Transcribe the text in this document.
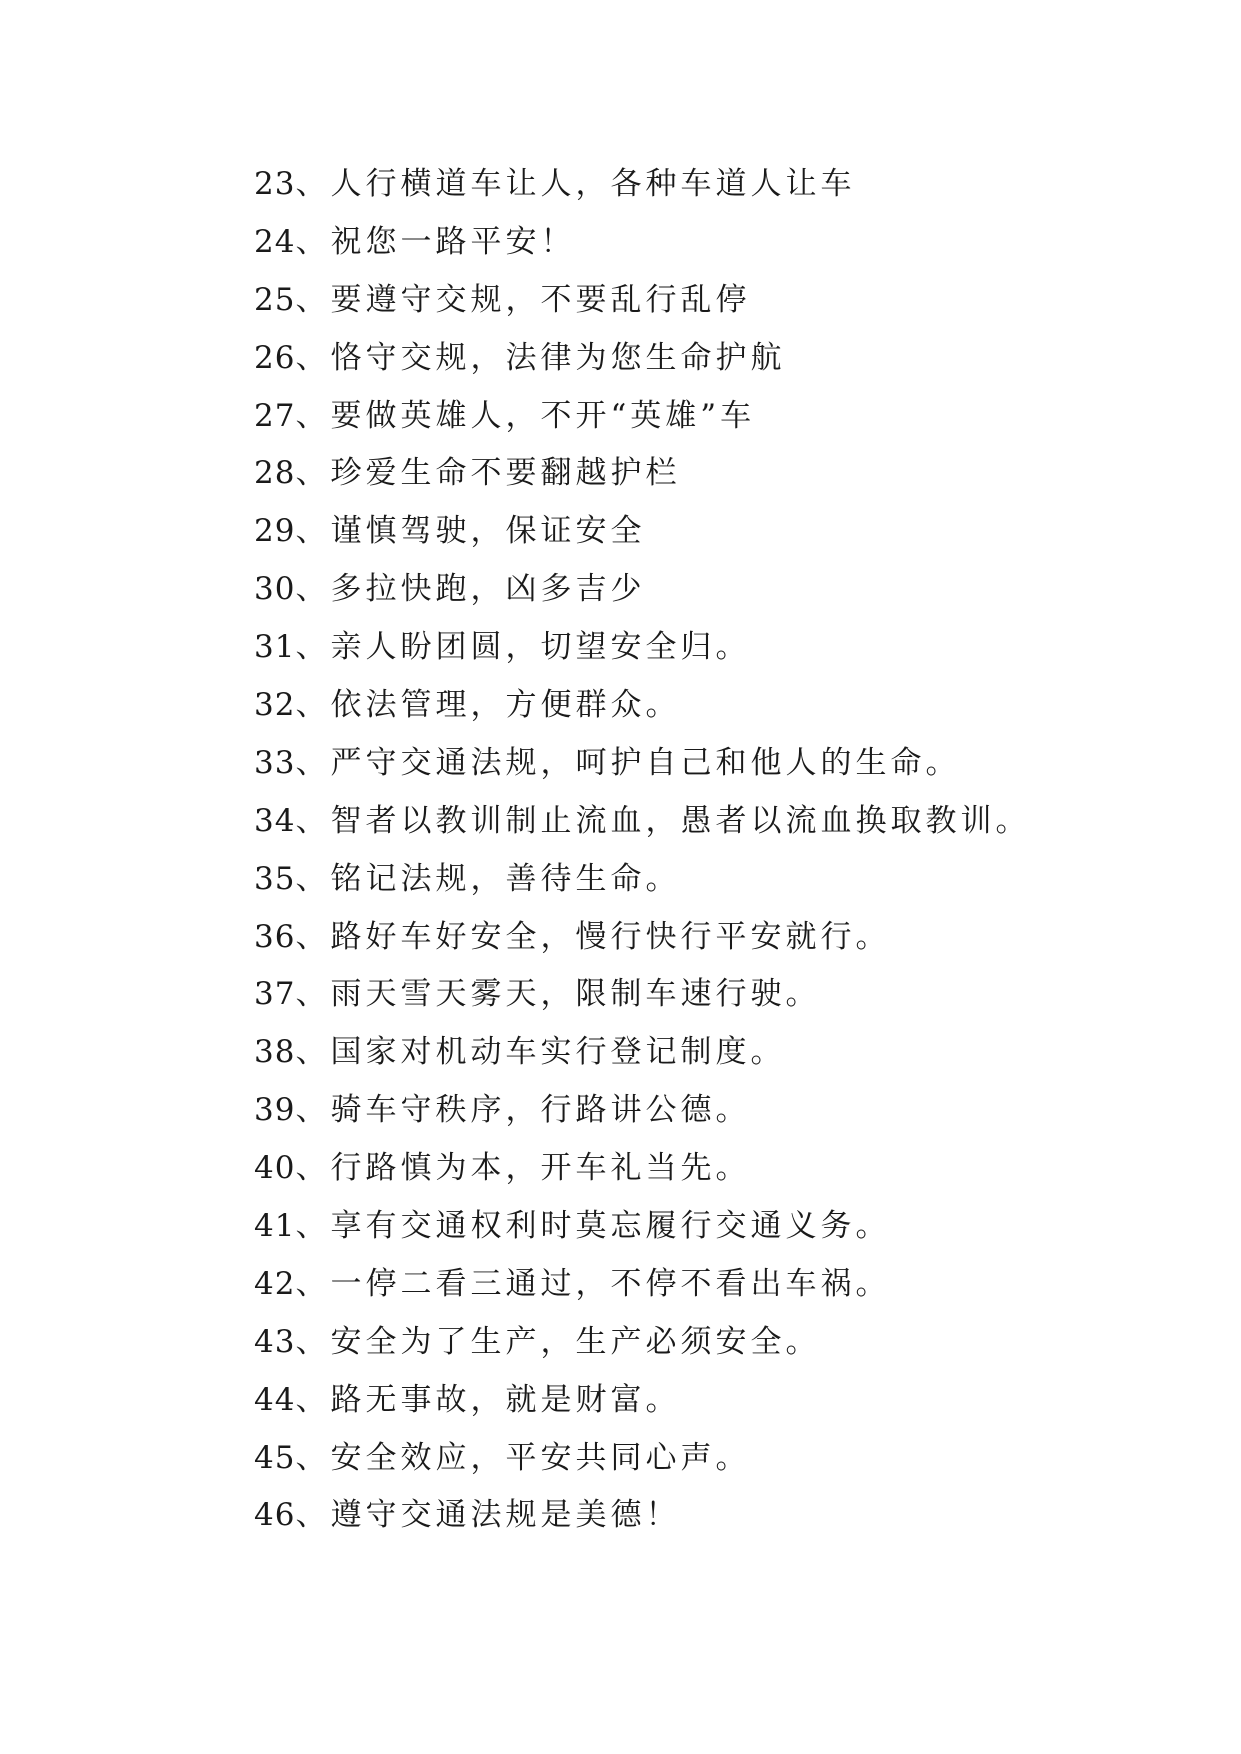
23、人行横道车让人，各种车道人让车
24、祝您一路平安！
25、要遵守交规，不要乱行乱停
26、恪守交规，法律为您生命护航
27、要做英雄人，不开“英雄”车
28、珍爱生命不要翻越护栏
29、谨慎驾驶，保证安全
30、多拉快跑，凶多吉少
31、亲人盼团圆，切望安全归。
32、依法管理，方便群众。
33、严守交通法规，呵护自己和他人的生命。
34、智者以教训制止流血，愚者以流血换取教训。
35、铭记法规，善待生命。
36、路好车好安全，慢行快行平安就行。
37、雨天雪天雾天，限制车速行驶。
38、国家对机动车实行登记制度。
39、骑车守秩序，行路讲公德。
40、行路慎为本，开车礼当先。
41、享有交通权利时莫忘履行交通义务。
42、一停二看三通过，不停不看出车祸。
43、安全为了生产，生产必须安全。
44、路无事故，就是财富。
45、安全效应，平安共同心声。
46、遵守交通法规是美德！
